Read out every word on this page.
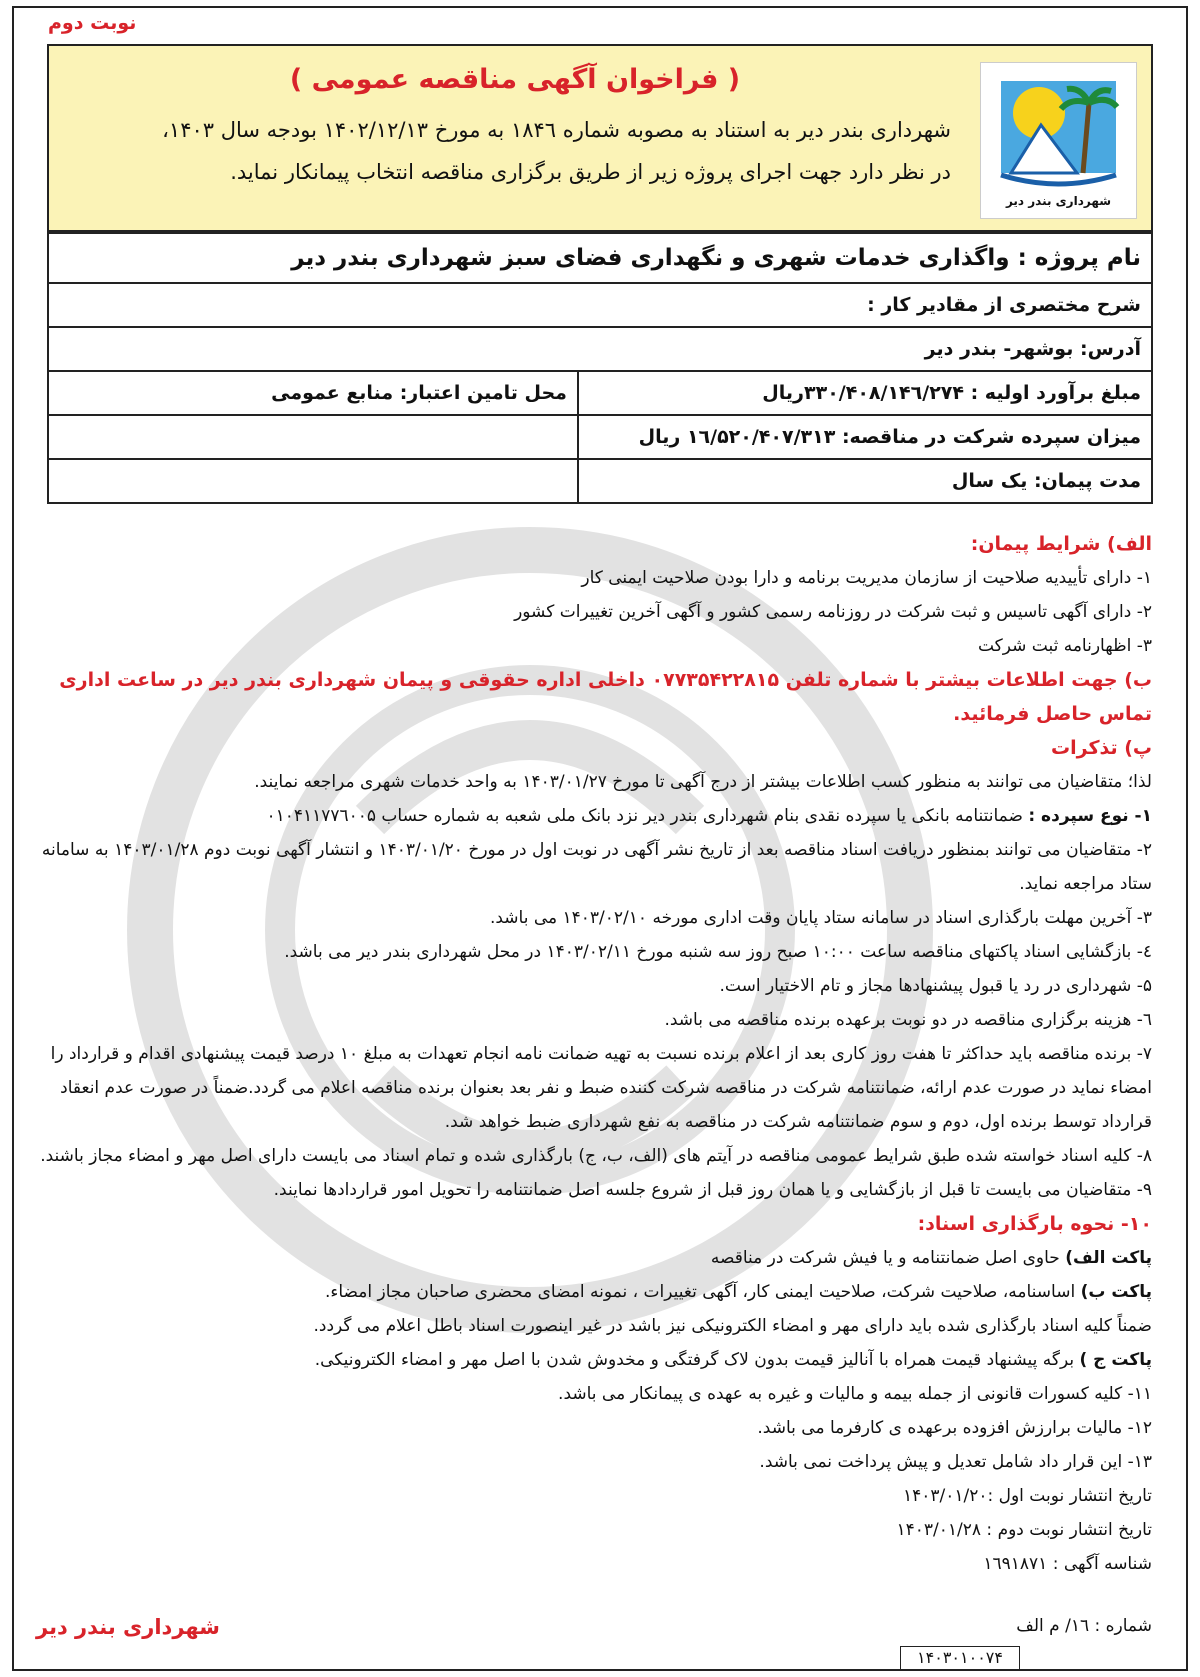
نوبت دوم
( فراخوان آگهی مناقصه عمومی )
شهرداری بندر دیر به استناد به مصوبه شماره ۱۸۴٦ به مورخ ۱۴۰۲/۱۲/۱۳ بودجه سال ۱۴۰۳،
در نظر دارد جهت اجرای پروژه زیر از طریق برگزاری مناقصه انتخاب پیمانکار نماید.
شهرداری بندر دیر
نام پروژه : واگذاری خدمات شهری و نگهداری فضای سبز شهرداری بندر دیر	
شرح مختصری از مقادیر کار :	
آدرس: بوشهر- بندر دیر	
مبلغ برآورد اولیه : ۳۳۰/۴۰۸/۱۴٦/۲۷۴ریال	محل تامین اعتبار: منابع عمومی
میزان سپرده شرکت در مناقصه: ۱٦/۵۲۰/۴۰۷/۳۱۳ ریال	
مدت پیمان: یک سال	

الف) شرایط پیمان:

۱- دارای تأییدیه صلاحیت از سازمان مدیریت برنامه و دارا بودن صلاحیت ایمنی کار

۲- دارای آگهی تاسیس و ثبت شرکت در روزنامه رسمی کشور و آگهی آخرین تغییرات کشور

۳- اظهارنامه ثبت شرکت

ب) جهت اطلاعات بیشتر با شماره تلفن ۰۷۷۳۵۴۲۲۸۱۵ داخلی اداره حقوقی و پیمان شهرداری بندر دیر در ساعت اداری تماس حاصل فرمائید.

پ) تذکرات

لذا؛ متقاضیان می توانند به منظور کسب اطلاعات بیشتر از درج آگهی تا مورخ ۱۴۰۳/۰۱/۲۷ به واحد خدمات شهری مراجعه نمایند.

۱- نوع سپرده : ضمانتنامه بانکی یا سپرده نقدی بنام شهرداری بندر دیر نزد بانک ملی شعبه به شماره حساب ۰۱۰۴۱۱۷۷٦۰۰۵

۲- متقاضیان می توانند بمنظور دریافت اسناد مناقصه بعد از تاریخ نشر آگهی در نوبت اول در مورخ ۱۴۰۳/۰۱/۲۰ و انتشار آگهی نوبت دوم ۱۴۰۳/۰۱/۲۸ به سامانه ستاد مراجعه نماید.

۳- آخرین مهلت بارگذاری اسناد در سامانه ستاد پایان وقت اداری مورخه ۱۴۰۳/۰۲/۱۰ می باشد.

٤- بازگشایی اسناد پاکتهای مناقصه ساعت ۱۰:۰۰ صبح روز سه شنبه مورخ ۱۴۰۳/۰۲/۱۱ در محل شهرداری بندر دیر می باشد.

۵- شهرداری در رد یا قبول پیشنهادها مجاز و تام الاختیار است.

٦- هزینه برگزاری مناقصه در دو نوبت برعهده برنده مناقصه می باشد.

۷- برنده مناقصه باید حداکثر تا هفت روز کاری بعد از اعلام برنده نسبت به تهیه ضمانت نامه انجام تعهدات به مبلغ ۱۰ درصد قیمت پیشنهادی اقدام و قرارداد را امضاء نماید در صورت عدم ارائه، ضمانتنامه شرکت در مناقصه شرکت کننده ضبط و نفر بعد بعنوان برنده مناقصه اعلام می گردد.ضمناً در صورت عدم انعقاد قرارداد توسط برنده اول، دوم و سوم ضمانتنامه شرکت در مناقصه به نفع شهرداری ضبط خواهد شد.

۸- کلیه اسناد خواسته شده طبق شرایط عمومی مناقصه در آیتم های (الف، ب، ج) بارگذاری شده و تمام اسناد می بایست دارای اصل مهر و امضاء مجاز باشند.

۹- متقاضیان می بایست تا قبل از بازگشایی و یا همان روز قبل از شروع جلسه اصل ضمانتنامه را تحویل امور قراردادها نمایند.

۱۰- نحوه بارگذاری اسناد:

پاکت الف) حاوی اصل ضمانتنامه و یا فیش شرکت در مناقصه

پاکت ب) اساسنامه، صلاحیت شرکت، صلاحیت ایمنی کار، آگهی تغییرات ، نمونه امضای محضری صاحبان مجاز امضاء.

ضمناً کلیه اسناد بارگذاری شده باید دارای مهر و امضاء الکترونیکی نیز باشد در غیر اینصورت اسناد باطل اعلام می گردد.

پاکت ج ) برگه پیشنهاد قیمت همراه با آنالیز قیمت بدون لاک گرفتگی و مخدوش شدن با اصل مهر و امضاء الکترونیکی.

۱۱- کلیه کسورات قانونی از جمله بیمه و مالیات و غیره به عهده ی پیمانکار می باشد.

۱۲- مالیات برارزش افزوده برعهده ی کارفرما می باشد.

۱۳- این قرار داد شامل تعدیل و پیش پرداخت نمی باشد.

تاریخ انتشار نوبت اول :۱۴۰۳/۰۱/۲۰

تاریخ انتشار نوبت دوم : ۱۴۰۳/۰۱/۲۸

شناسه آگهی : ۱٦۹۱۸۷۱

شماره : ۱٦/ م الف
شهرداری بندر دیر
۱۴۰۳۰۱۰۰۷۴
